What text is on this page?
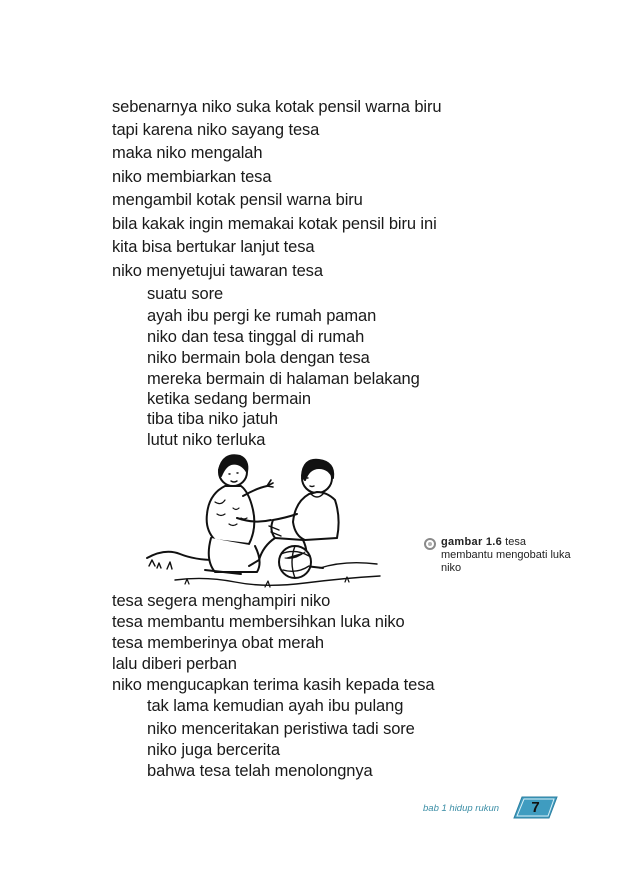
sebenarnya niko suka kotak pensil warna biru
tapi karena niko sayang tesa
maka niko mengalah
niko membiarkan tesa
mengambil kotak pensil warna biru
bila kakak ingin memakai kotak pensil biru ini
kita bisa bertukar lanjut tesa
niko menyetujui tawaran tesa
suatu sore
ayah ibu pergi ke rumah paman
niko dan tesa tinggal di rumah
niko bermain bola dengan tesa
mereka bermain di halaman belakang
ketika sedang bermain
tiba tiba niko jatuh
lutut niko terluka
gambar 1.6 tesa
membantu mengobati luka niko
tesa segera menghampiri niko
tesa membantu membersihkan luka niko
tesa memberinya obat merah
lalu diberi perban
niko mengucapkan terima kasih kepada tesa
tak lama kemudian ayah ibu pulang
niko menceritakan peristiwa tadi sore
niko juga bercerita
bahwa tesa telah menolongnya
bab 1 hidup rukun	7
